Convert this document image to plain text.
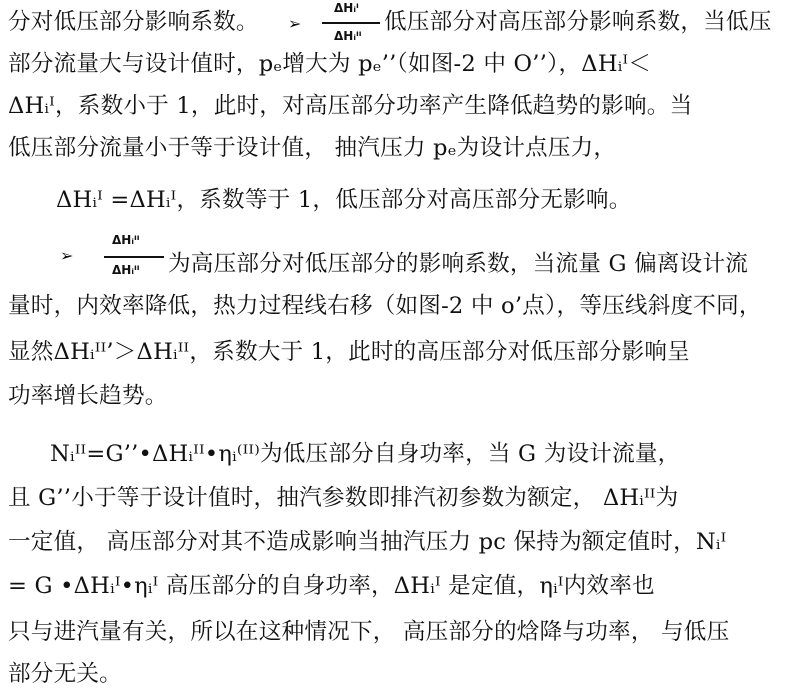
分对低压部分影响系数。	➢
ΔHᵢᴵ
ΔHᵢᴵᴵ
低压部分对高压部分影响系数，当低压
部分流量大与设计值时，pₑ增大为 pₑ’’（如图-2 中 O’’），ΔHᵢᴵ＜
ΔHᵢᴵ，系数小于 1，此时，对高压部分功率产生降低趋势的影响。当
低压部分流量小于等于设计值， 抽汽压力 pₑ为设计点压力，
ΔHᵢᴵ =ΔHᵢᴵ，系数等于 1，低压部分对高压部分无影响。
➢
ΔHᵢᴵᴵ
ΔHᵢᴵᴵ 为高压部分对低压部分的影响系数，当流量 G 偏离设计流
量时，内效率降低，热力过程线右移（如图-2 中 o’点），等压线斜度不同，
显然ΔHᵢᴵᴵ’＞ΔHᵢᴵᴵ，系数大于 1，此时的高压部分对低压部分影响呈
功率增长趋势。
Nᵢᴵᴵ=G’’•ΔHᵢᴵᴵ•ηᵢ⁽ᴵᴵ⁾为低压部分自身功率，当 G 为设计流量，
且 G’’小于等于设计值时，抽汽参数即排汽初参数为额定， ΔHᵢᴵᴵ为
一定值， 高压部分对其不造成影响当抽汽压力 pc 保持为额定值时，Nᵢᴵ
= G •ΔHᵢᴵ•ηᵢᴵ 高压部分的自身功率，ΔHᵢᴵ 是定值，ηᵢᴵ内效率也
只与进汽量有关，所以在这种情况下， 高压部分的焓降与功率， 与低压
部分无关。
